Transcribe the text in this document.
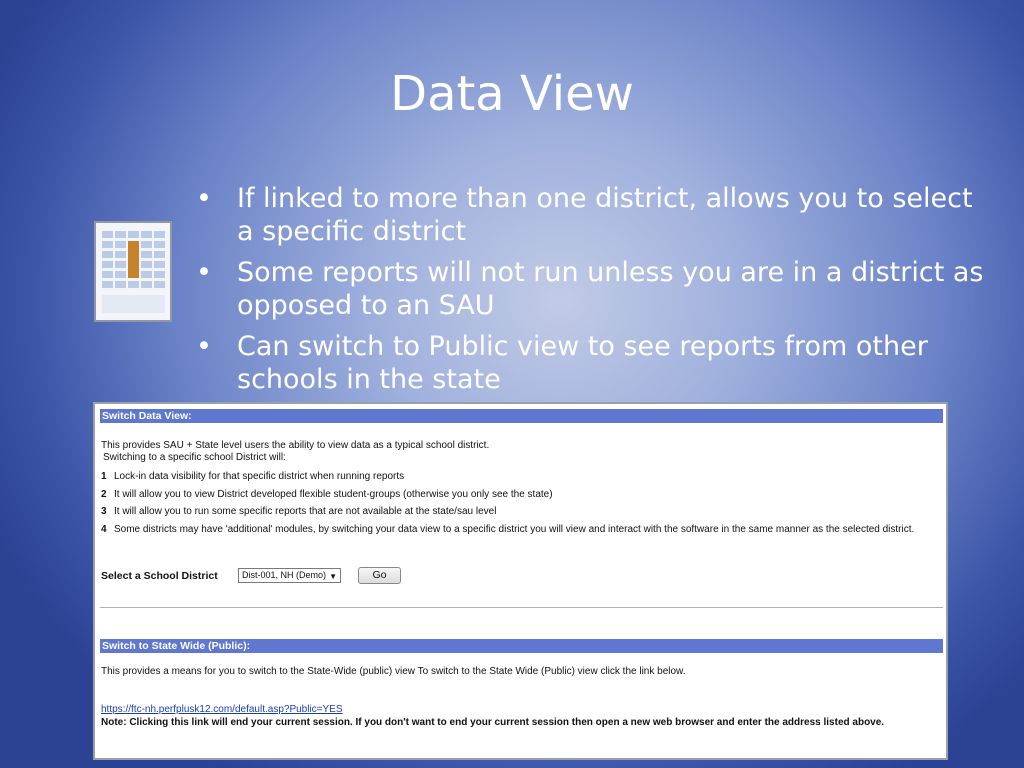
Data View
• If linked to more than one district, allows you to select a specific district
• Some reports will not run unless you are in a district as opposed to an SAU
• Can switch to Public view to see reports from other schools in the state
Switch Data View:
This provides SAU + State level users the ability to view data as a typical school district.
Switching to a specific school District will:
1 Lock-in data visibility for that specific district when running reports
2 It will allow you to view District developed flexible student-groups (otherwise you only see the state)
3 It will allow you to run some specific reports that are not available at the state/sau level
4 Some districts may have 'additional' modules, by switching your data view to a specific district you will view and interact with the software in the same manner as the selected district.
Select a School District	Dist-001, NH (Demo) ▼	Go
Switch to State Wide (Public):
This provides a means for you to switch to the State-Wide (public) view To switch to the State Wide (Public) view click the link below.
https://ftc-nh.perfplusk12.com/default.asp?Public=YES
Note: Clicking this link will end your current session. If you don't want to end your current session then open a new web browser and enter the address listed above.
